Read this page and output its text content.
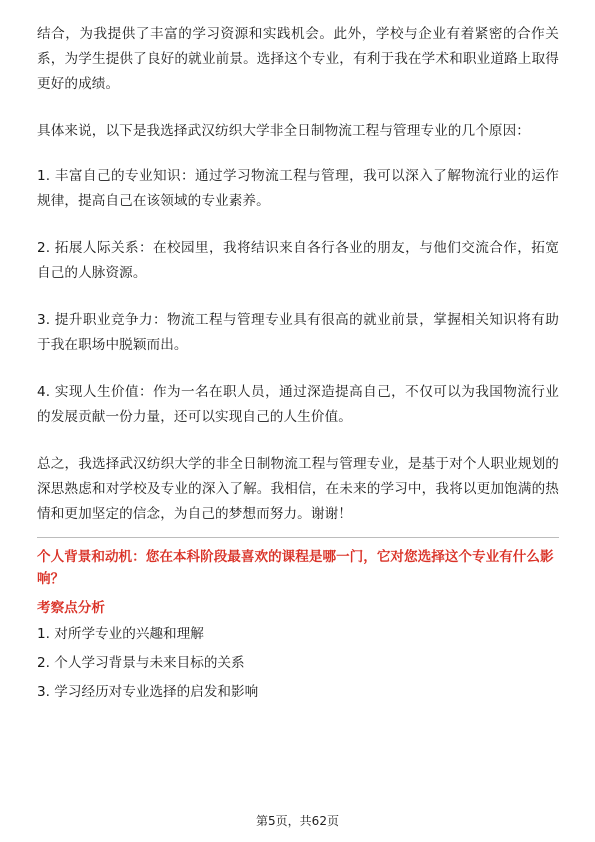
结合，为我提供了丰富的学习资源和实践机会。此外，学校与企业有着紧密的合作关系，为学生提供了良好的就业前景。选择这个专业，有利于我在学术和职业道路上取得更好的成绩。

具体来说，以下是我选择武汉纺织大学非全日制物流工程与管理专业的几个原因：

1. 丰富自己的专业知识：通过学习物流工程与管理，我可以深入了解物流行业的运作规律，提高自己在该领域的专业素养。

2. 拓展人际关系：在校园里，我将结识来自各行各业的朋友，与他们交流合作，拓宽自己的人脉资源。

3. 提升职业竞争力：物流工程与管理专业具有很高的就业前景，掌握相关知识将有助于我在职场中脱颖而出。

4. 实现人生价值：作为一名在职人员，通过深造提高自己，不仅可以为我国物流行业的发展贡献一份力量，还可以实现自己的人生价值。

总之，我选择武汉纺织大学的非全日制物流工程与管理专业，是基于对个人职业规划的深思熟虑和对学校及专业的深入了解。我相信，在未来的学习中，我将以更加饱满的热情和更加坚定的信念，为自己的梦想而努力。谢谢！

个人背景和动机：您在本科阶段最喜欢的课程是哪一门，它对您选择这个专业有什么影响？

考察点分析
1. 对所学专业的兴趣和理解
2. 个人学习背景与未来目标的关系
3. 学习经历对专业选择的启发和影响
第5页，共62页
